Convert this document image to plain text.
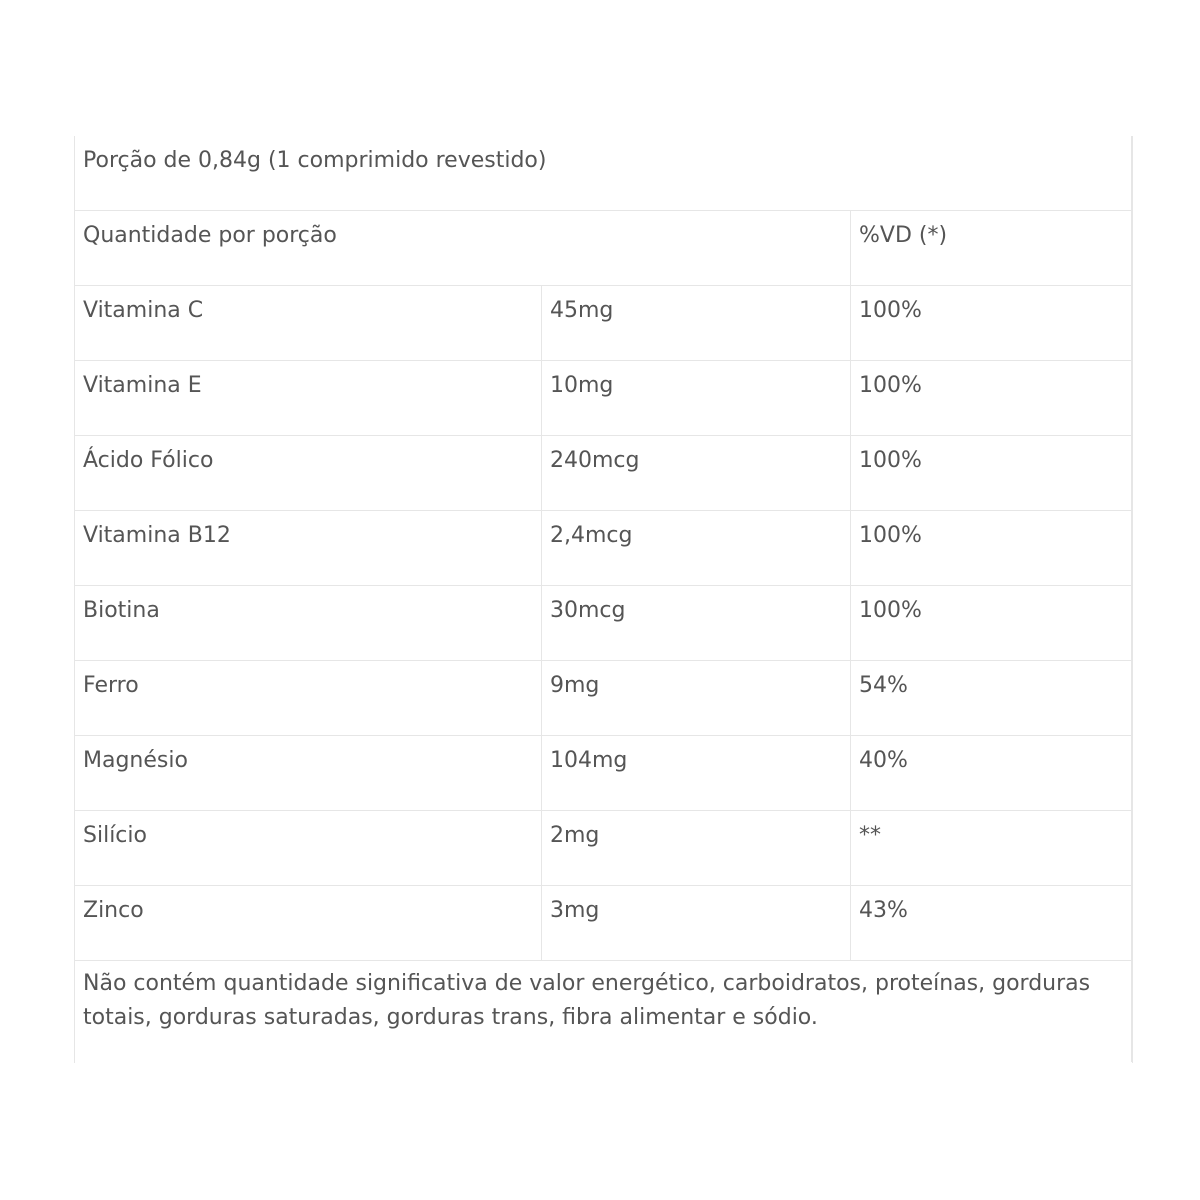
Porção de 0,84g (1 comprimido revestido)		
Quantidade por porção		%VD (*)
Vitamina C	45mg	100%
Vitamina E	10mg	100%
Ácido Fólico	240mcg	100%
Vitamina B12	2,4mcg	100%
Biotina	30mcg	100%
Ferro	9mg	54%
Magnésio	104mg	40%
Silício	2mg	**
Zinco	3mg	43%
Não contém quantidade significativa de valor energético, carboidratos, proteínas, gorduras totais, gorduras saturadas, gorduras trans, fibra alimentar e sódio.		
